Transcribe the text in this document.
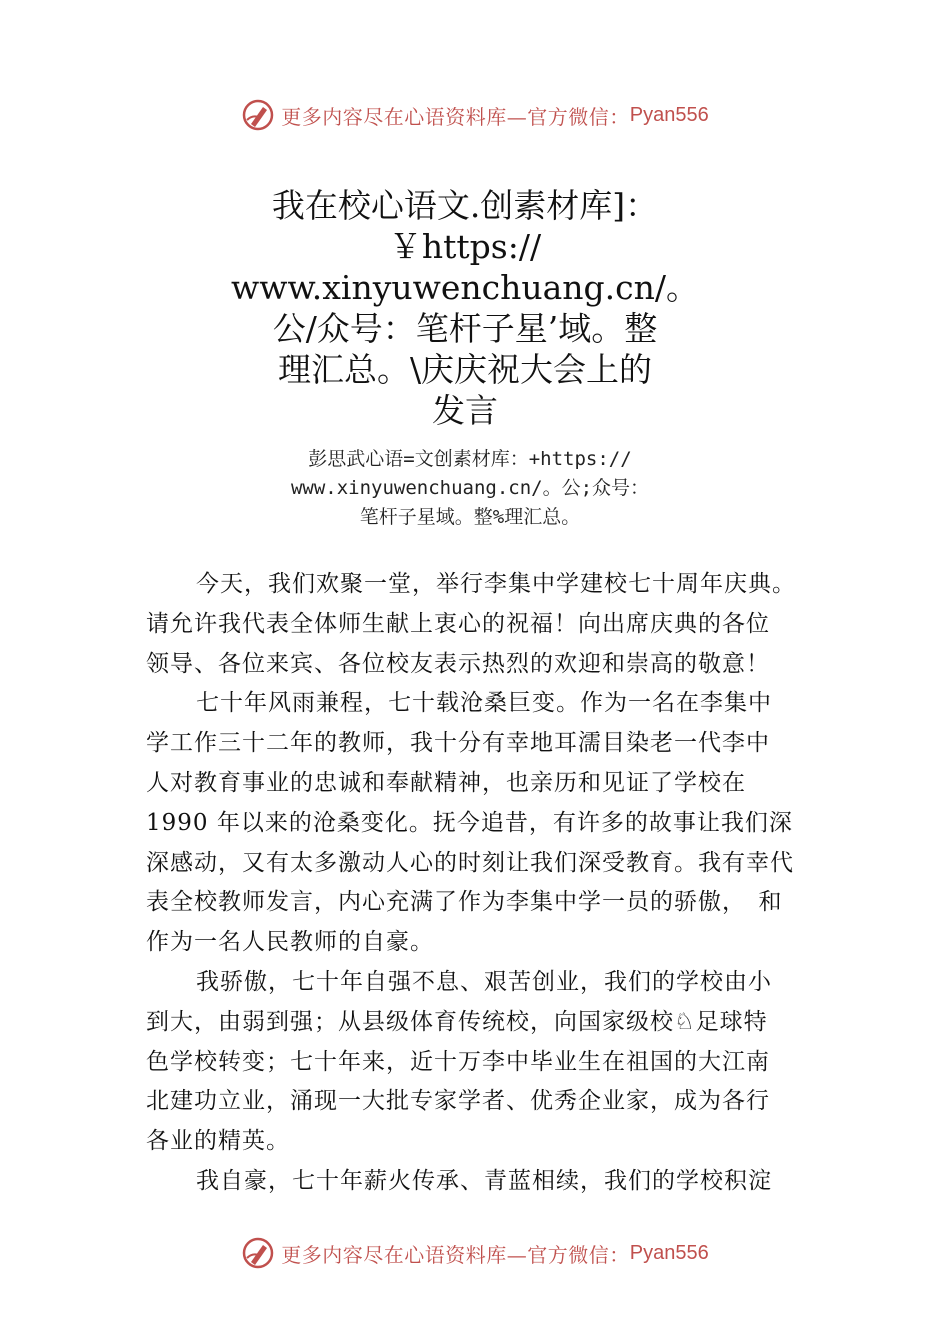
更多内容尽在心语资料库—官方微信： Pyan556
我在校心语文.创素材库]：
￥https://
www.xinyuwenchuang.cn/。
公/众号：笔杆子星’域。整
理汇总。\庆庆祝大会上的
发言
彭思武心语=文创素材库：+https://
www.xinyuwenchuang.cn/。公;众号：
笔杆子星域。整%理汇总。
今天，我们欢聚一堂，举行李集中学建校七十周年庆典。
请允许我代表全体师生献上衷心的祝福！向出席庆典的各位
领导、各位来宾、各位校友表示热烈的欢迎和崇高的敬意！
七十年风雨兼程，七十载沧桑巨变。作为一名在李集中
学工作三十二年的教师，我十分有幸地耳濡目染老一代李中
人对教育事业的忠诚和奉献精神，也亲历和见证了学校在
1990 年以来的沧桑变化。抚今追昔，有许多的故事让我们深
深感动，又有太多激动人心的时刻让我们深受教育。我有幸代
表全校教师发言，内心充满了作为李集中学一员的骄傲，　和
作为一名人民教师的自豪。
我骄傲，七十年自强不息、艰苦创业，我们的学校由小
到大，由弱到强；从县级体育传统校，向国家级校♘足球特
色学校转变；七十年来，近十万李中毕业生在祖国的大江南
北建功立业，涌现一大批专家学者、优秀企业家，成为各行
各业的精英。
我自豪，七十年薪火传承、青蓝相续，我们的学校积淀
更多内容尽在心语资料库—官方微信： Pyan556
